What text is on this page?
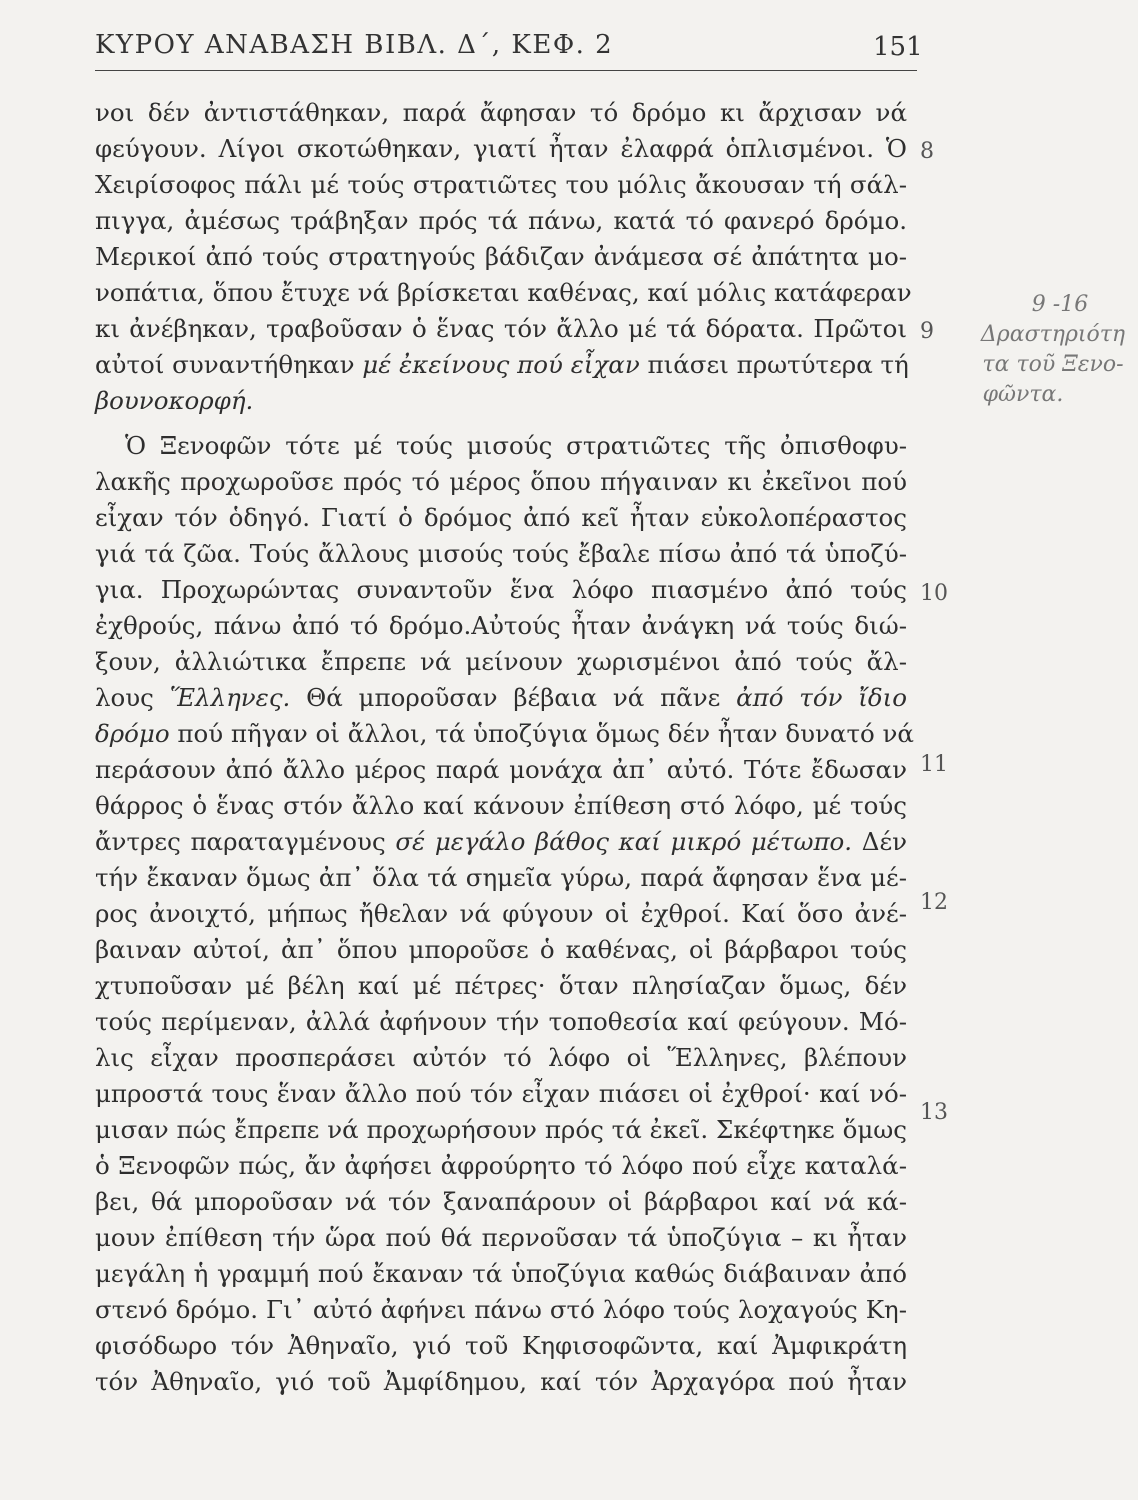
ΚΥΡΟΥ ΑΝΑΒΑΣΗ ΒΙΒΛ. Δ΄, ΚΕΦ. 2	151
νοι δέν ἀντιστάθηκαν, παρά ἄφησαν τό δρόμο κι ἄρχισαν νά
φεύγουν. Λίγοι σκοτώθηκαν, γιατί ἦταν ἐλαφρά ὁπλισμένοι. Ὁ
Χειρίσοφος πάλι μέ τούς στρατιῶτες του μόλις ἄκουσαν τή σάλ-
πιγγα, ἀμέσως τράβηξαν πρός τά πάνω, κατά τό φανερό δρόμο.
Μερικοί ἀπό τούς στρατηγούς βάδιζαν ἀνάμεσα σέ ἀπάτητα μο-
νοπάτια, ὅπου ἔτυχε νά βρίσκεται καθένας, καί μόλις κατάφεραν
κι ἀνέβηκαν, τραβοῦσαν ὁ ἕνας τόν ἄλλο μέ τά δόρατα. Πρῶτοι
αὐτοί συναντήθηκαν μέ ἐκείνους πού εἶχαν πιάσει πρωτύτερα τή
βουνοκορφή.
Ὁ Ξενοφῶν τότε μέ τούς μισούς στρατιῶτες τῆς ὀπισθοφυ-
λακῆς προχωροῦσε πρός τό μέρος ὅπου πήγαιναν κι ἐκεῖνοι πού
εἶχαν τόν ὁδηγό. Γιατί ὁ δρόμος ἀπό κεῖ ἦταν εὐκολοπέραστος
γιά τά ζῶα. Τούς ἄλλους μισούς τούς ἔβαλε πίσω ἀπό τά ὑποζύ-
για. Προχωρώντας συναντοῦν ἕνα λόφο πιασμένο ἀπό τούς
ἐχθρούς, πάνω ἀπό τό δρόμο.Αὐτούς ἦταν ἀνάγκη νά τούς διώ-
ξουν, ἀλλιώτικα ἔπρεπε νά μείνουν χωρισμένοι ἀπό τούς ἄλ-
λους Ἕλληνες. Θά μποροῦσαν βέβαια νά πᾶνε ἀπό τόν ἴδιο
δρόμο πού πῆγαν οἱ ἄλλοι, τά ὑποζύγια ὅμως δέν ἦταν δυνατό νά
περάσουν ἀπό ἄλλο μέρος παρά μονάχα ἀπ᾽ αὐτό. Τότε ἔδωσαν
θάρρος ὁ ἕνας στόν ἄλλο καί κάνουν ἐπίθεση στό λόφο, μέ τούς
ἄντρες παραταγμένους σέ μεγάλο βάθος καί μικρό μέτωπο. Δέν
τήν ἔκαναν ὅμως ἀπ᾽ ὅλα τά σημεῖα γύρω, παρά ἄφησαν ἕνα μέ-
ρος ἀνοιχτό, μήπως ἤθελαν νά φύγουν οἱ ἐχθροί. Καί ὅσο ἀνέ-
βαιναν αὐτοί, ἀπ᾽ ὅπου μποροῦσε ὁ καθένας, οἱ βάρβαροι τούς
χτυποῦσαν μέ βέλη καί μέ πέτρες· ὅταν πλησίαζαν ὅμως, δέν
τούς περίμεναν, ἀλλά ἀφήνουν τήν τοποθεσία καί φεύγουν. Μό-
λις εἶχαν προσπεράσει αὐτόν τό λόφο οἱ Ἕλληνες, βλέπουν
μπροστά τους ἕναν ἄλλο πού τόν εἶχαν πιάσει οἱ ἐχθροί· καί νό-
μισαν πώς ἔπρεπε νά προχωρήσουν πρός τά ἐκεῖ. Σκέφτηκε ὅμως
ὁ Ξενοφῶν πώς, ἄν ἀφήσει ἀφρούρητο τό λόφο πού εἶχε καταλά-
βει, θά μποροῦσαν νά τόν ξαναπάρουν οἱ βάρβαροι καί νά κά-
μουν ἐπίθεση τήν ὥρα πού θά περνοῦσαν τά ὑποζύγια – κι ἦταν
μεγάλη ἡ γραμμή πού ἔκαναν τά ὑποζύγια καθώς διάβαιναν ἀπό
στενό δρόμο. Γι᾽ αὐτό ἀφήνει πάνω στό λόφο τούς λοχαγούς Κη-
φισόδωρο τόν Ἀθηναῖο, γιό τοῦ Κηφισοφῶντα, καί Ἀμφικράτη
τόν Ἀθηναῖο, γιό τοῦ Ἀμφίδημου, καί τόν Ἀρχαγόρα πού ἦταν
8
9
10
11
12
13
9 -16
Δραστηριότη
τα τοῦ Ξενο-
φῶντα.
